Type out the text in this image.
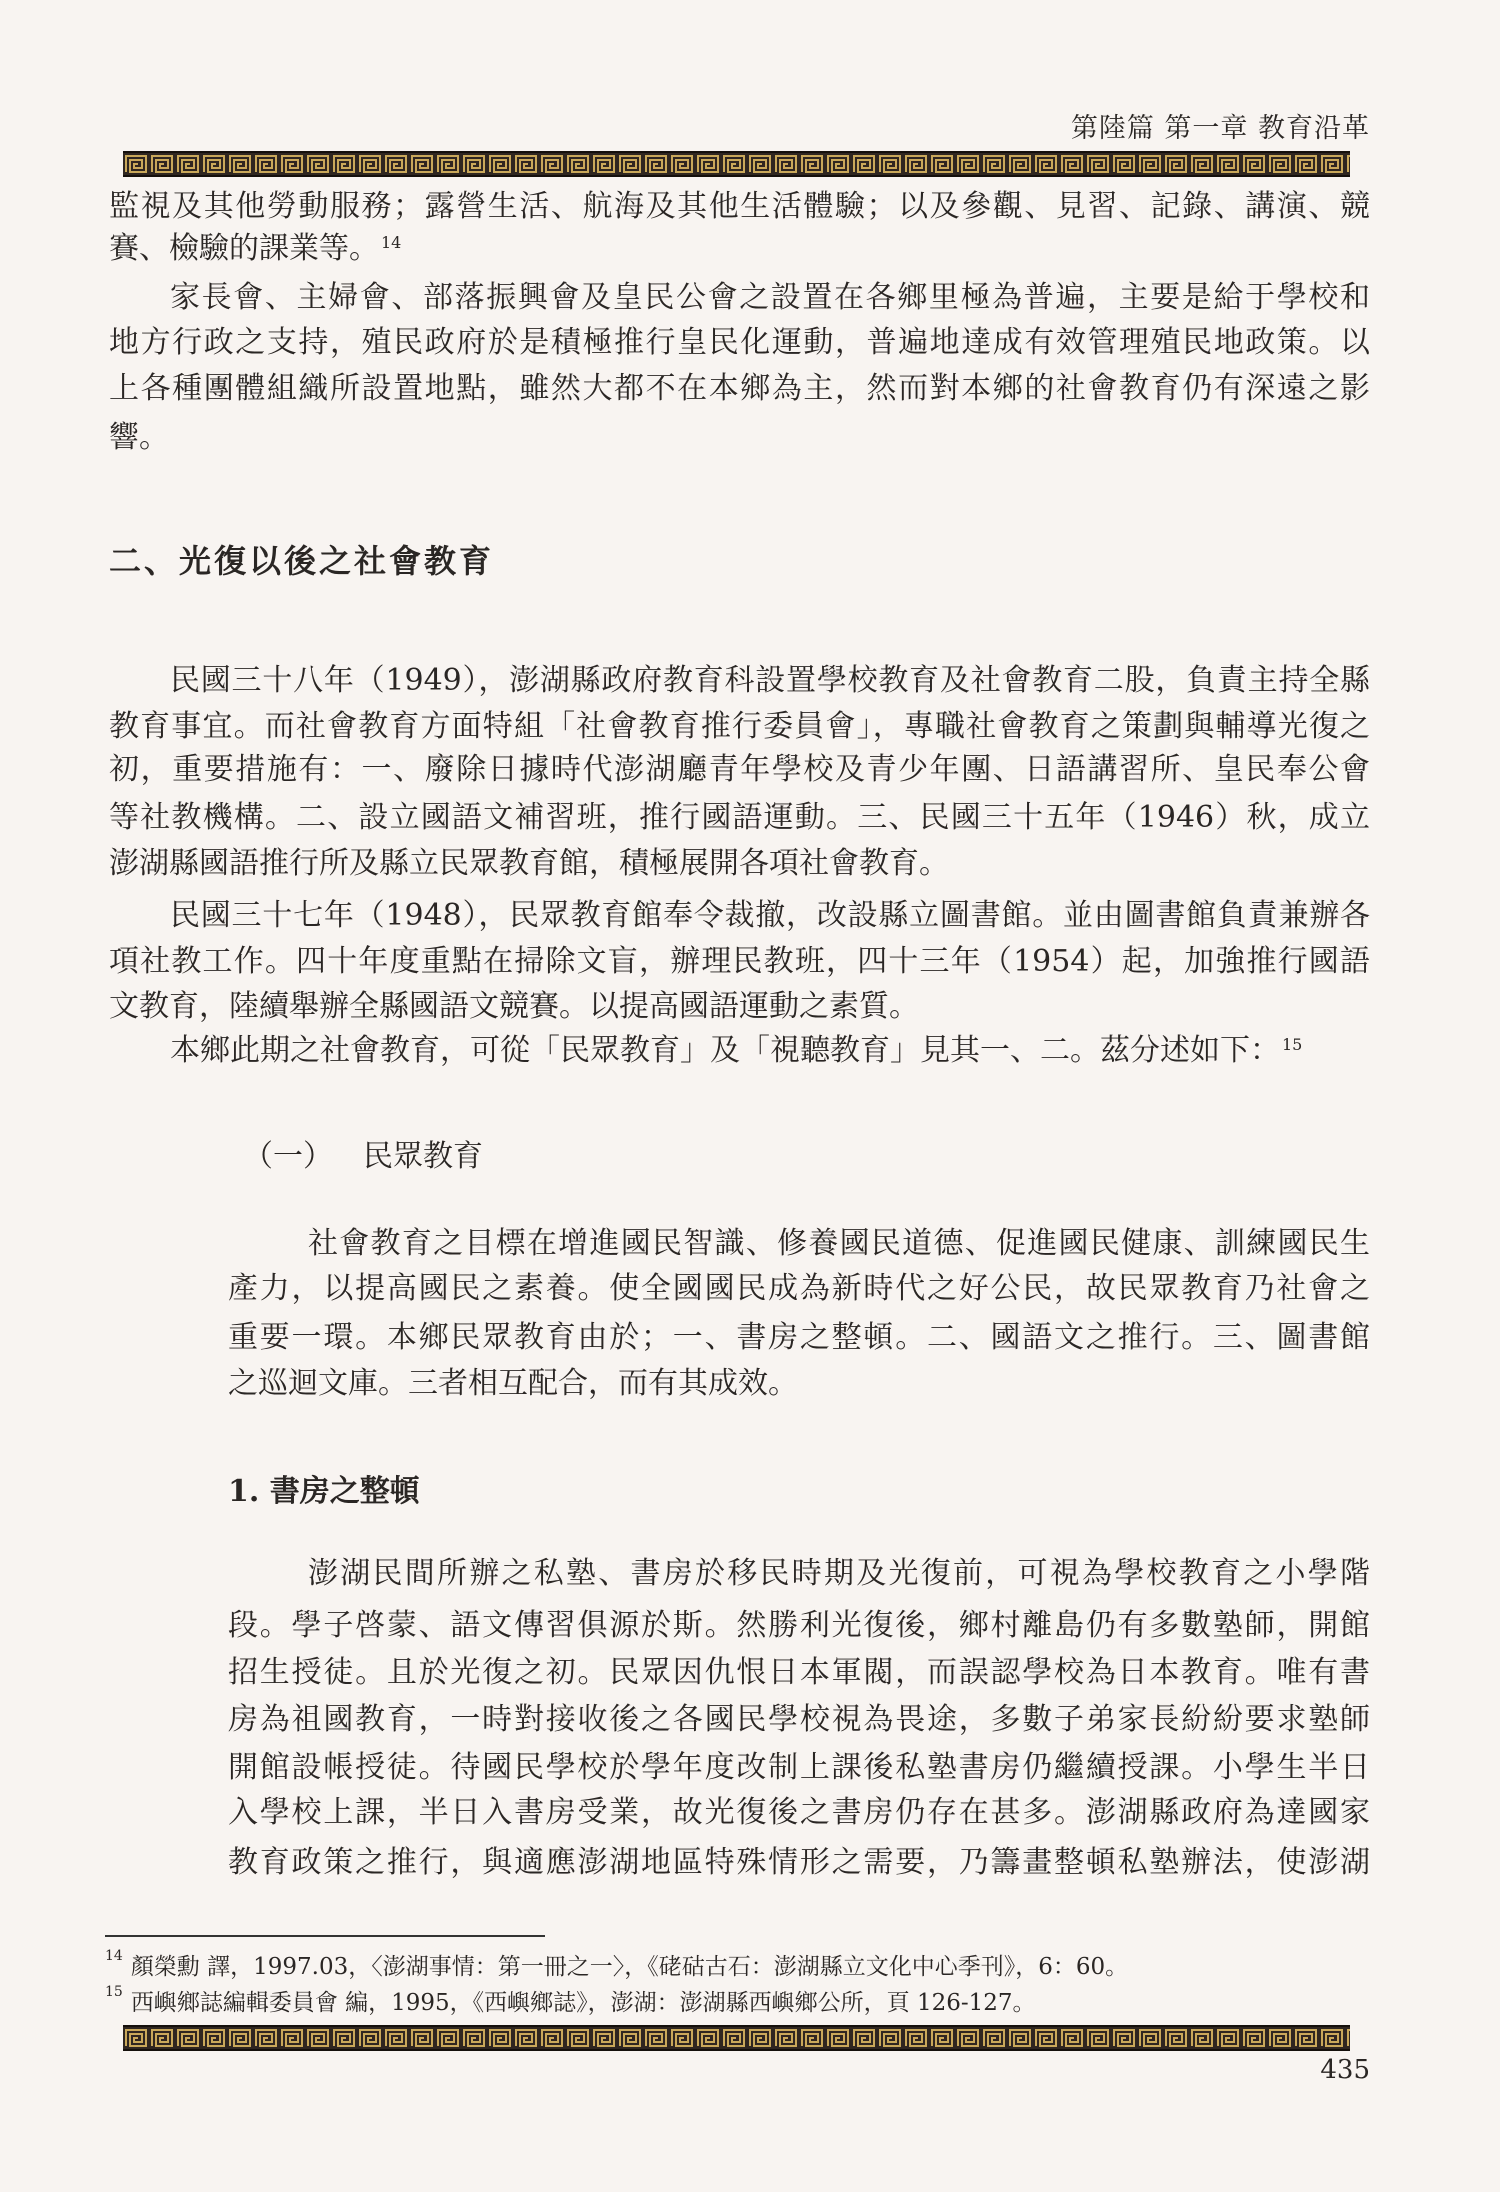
第陸篇 第一章 教育沿革
二、光復以後之社會教育
（一） 民眾教育
1. 書房之整頓
$^{14}$ 顏榮勳 譯，1997.03，〈澎湖事情：第一冊之一〉，《硓𥑮古石：澎湖縣立文化中心季刊》，6：60。
$^{15}$ 西嶼鄉誌編輯委員會 編，1995，《西嶼鄉誌》，澎湖：澎湖縣西嶼鄉公所，頁 126-127。
435
監視及其他勞動服務；露營生活、航海及其他生活體驗；以及參觀、見習、記錄、講演、競
賽、檢驗的課業等。 $^{14}$
家長會、主婦會、部落振興會及皇民公會之設置在各鄉里極為普遍，主要是給于學校和
地方行政之支持，殖民政府於是積極推行皇民化運動，普遍地達成有效管理殖民地政策。以
上各種團體組織所設置地點，雖然大都不在本鄉為主，然而對本鄉的社會教育仍有深遠之影
響。
民國三十八年（1949），澎湖縣政府教育科設置學校教育及社會教育二股，負責主持全縣
教育事宜。而社會教育方面特組「社會教育推行委員會」，專職社會教育之策劃與輔導光復之
初，重要措施有：一、廢除日據時代澎湖廳青年學校及青少年團、日語講習所、皇民奉公會
等社教機構。二、設立國語文補習班，推行國語運動。三、民國三十五年（1946）秋，成立
澎湖縣國語推行所及縣立民眾教育館，積極展開各項社會教育。
民國三十七年（1948），民眾教育館奉令裁撤，改設縣立圖書館。並由圖書館負責兼辦各
項社教工作。四十年度重點在掃除文盲，辦理民教班，四十三年（1954）起，加強推行國語
文教育，陸續舉辦全縣國語文競賽。以提高國語運動之素質。
本鄉此期之社會教育，可從「民眾教育」及「視聽教育」見其一、二。茲分述如下： $^{15}$
社會教育之目標在增進國民智識、修養國民道德、促進國民健康、訓練國民生
產力，以提高國民之素養。使全國國民成為新時代之好公民，故民眾教育乃社會之
重要一環。本鄉民眾教育由於；一、書房之整頓。二、國語文之推行。三、圖書館
之巡迴文庫。三者相互配合，而有其成效。
澎湖民間所辦之私塾、書房於移民時期及光復前，可視為學校教育之小學階
段。學子啓蒙、語文傳習俱源於斯。然勝利光復後，鄉村離島仍有多數塾師，開館
招生授徒。且於光復之初。民眾因仇恨日本軍閥，而誤認學校為日本教育。唯有書
房為祖國教育，一時對接收後之各國民學校視為畏途，多數子弟家長紛紛要求塾師
開館設帳授徒。待國民學校於學年度改制上課後私塾書房仍繼續授課。小學生半日
入學校上課，半日入書房受業，故光復後之書房仍存在甚多。澎湖縣政府為達國家
教育政策之推行，與適應澎湖地區特殊情形之需要，乃籌畫整頓私塾辦法，使澎湖
